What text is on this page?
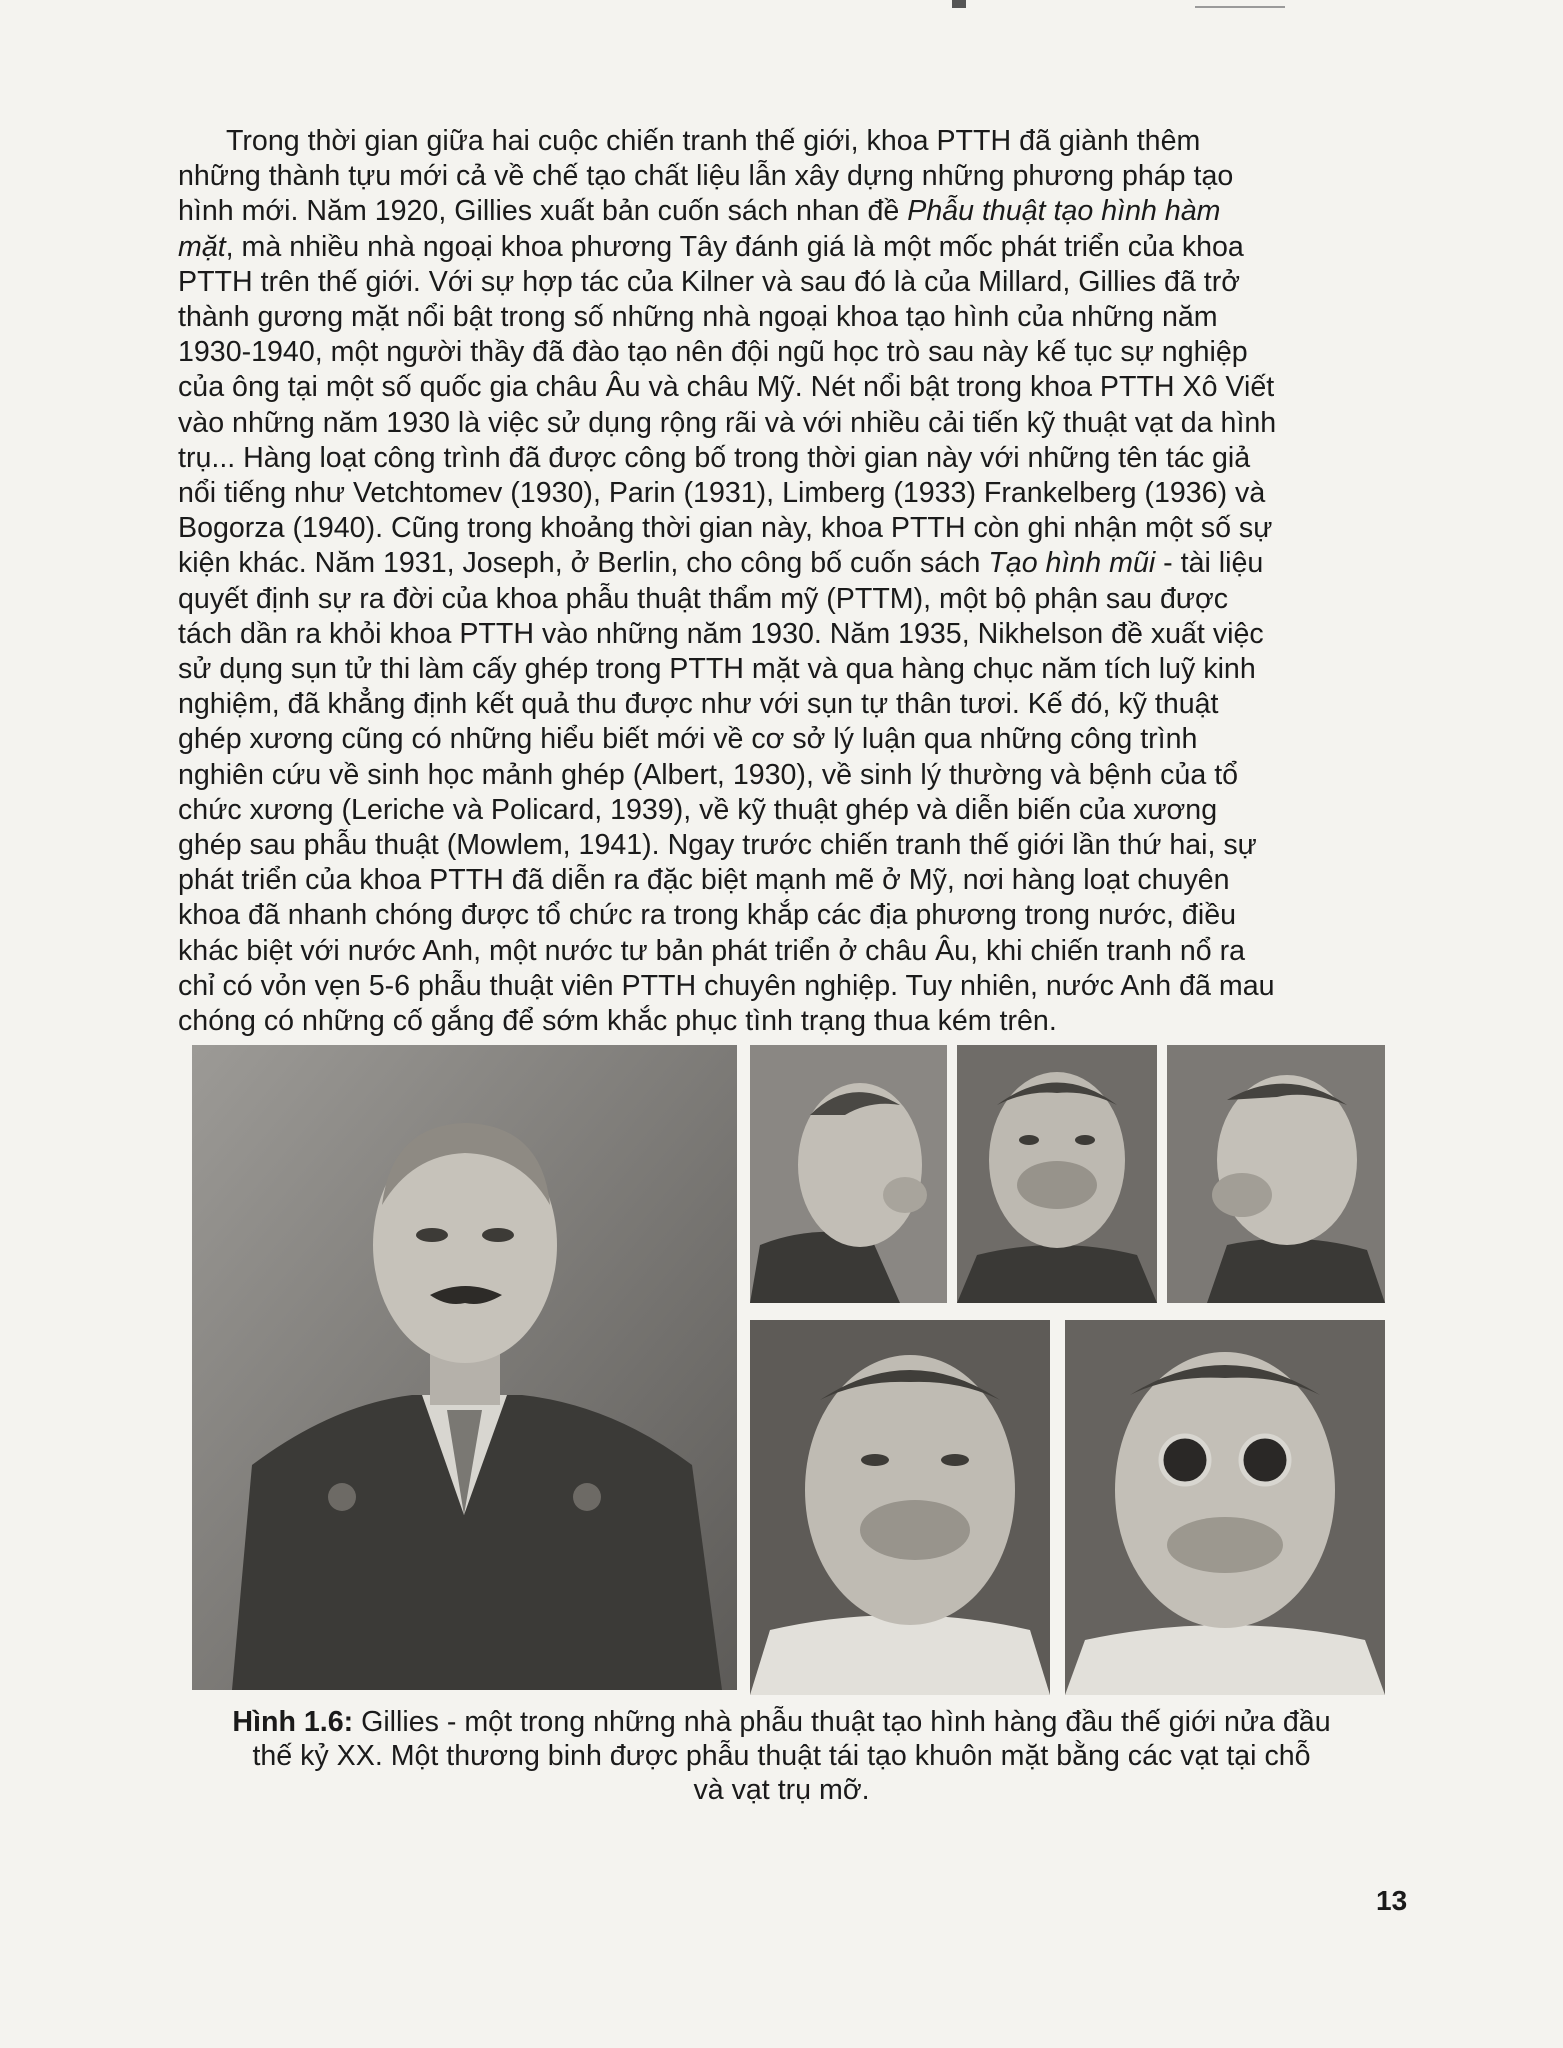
Trong thời gian giữa hai cuộc chiến tranh thế giới, khoa PTTH đã giành thêm
những thành tựu mới cả về chế tạo chất liệu lẫn xây dựng những phương pháp tạo
hình mới. Năm 1920, Gillies xuất bản cuốn sách nhan đề Phẫu thuật tạo hình hàm
mặt, mà nhiều nhà ngoại khoa phương Tây đánh giá là một mốc phát triển của khoa
PTTH trên thế giới. Với sự hợp tác của Kilner và sau đó là của Millard, Gillies đã trở
thành gương mặt nổi bật trong số những nhà ngoại khoa tạo hình của những năm
1930-1940, một người thầy đã đào tạo nên đội ngũ học trò sau này kế tục sự nghiệp
của ông tại một số quốc gia châu Âu và châu Mỹ. Nét nổi bật trong khoa PTTH Xô Viết
vào những năm 1930 là việc sử dụng rộng rãi và với nhiều cải tiến kỹ thuật vạt da hình
trụ... Hàng loạt công trình đã được công bố trong thời gian này với những tên tác giả
nổi tiếng như Vetchtomev (1930), Parin (1931), Limberg (1933) Frankelberg (1936) và
Bogorza (1940). Cũng trong khoảng thời gian này, khoa PTTH còn ghi nhận một số sự
kiện khác. Năm 1931, Joseph, ở Berlin, cho công bố cuốn sách Tạo hình mũi - tài liệu
quyết định sự ra đời của khoa phẫu thuật thẩm mỹ (PTTM), một bộ phận sau được
tách dần ra khỏi khoa PTTH vào những năm 1930. Năm 1935, Nikhelson đề xuất việc
sử dụng sụn tử thi làm cấy ghép trong PTTH mặt và qua hàng chục năm tích luỹ kinh
nghiệm, đã khẳng định kết quả thu được như với sụn tự thân tươi. Kế đó, kỹ thuật
ghép xương cũng có những hiểu biết mới về cơ sở lý luận qua những công trình
nghiên cứu về sinh học mảnh ghép (Albert, 1930), về sinh lý thường và bệnh của tổ
chức xương (Leriche và Policard, 1939), về kỹ thuật ghép và diễn biến của xương
ghép sau phẫu thuật (Mowlem, 1941). Ngay trước chiến tranh thế giới lần thứ hai, sự
phát triển của khoa PTTH đã diễn ra đặc biệt mạnh mẽ ở Mỹ, nơi hàng loạt chuyên
khoa đã nhanh chóng được tổ chức ra trong khắp các địa phương trong nước, điều
khác biệt với nước Anh, một nước tư bản phát triển ở châu Âu, khi chiến tranh nổ ra
chỉ có vỏn vẹn 5-6 phẫu thuật viên PTTH chuyên nghiệp. Tuy nhiên, nước Anh đã mau
chóng có những cố gắng để sớm khắc phục tình trạng thua kém trên.

Hình 1.6: Gillies - một trong những nhà phẫu thuật tạo hình hàng đầu thế giới nửa đầu
thế kỷ XX. Một thương binh được phẫu thuật tái tạo khuôn mặt bằng các vạt tại chỗ
và vạt trụ mỡ.

13
